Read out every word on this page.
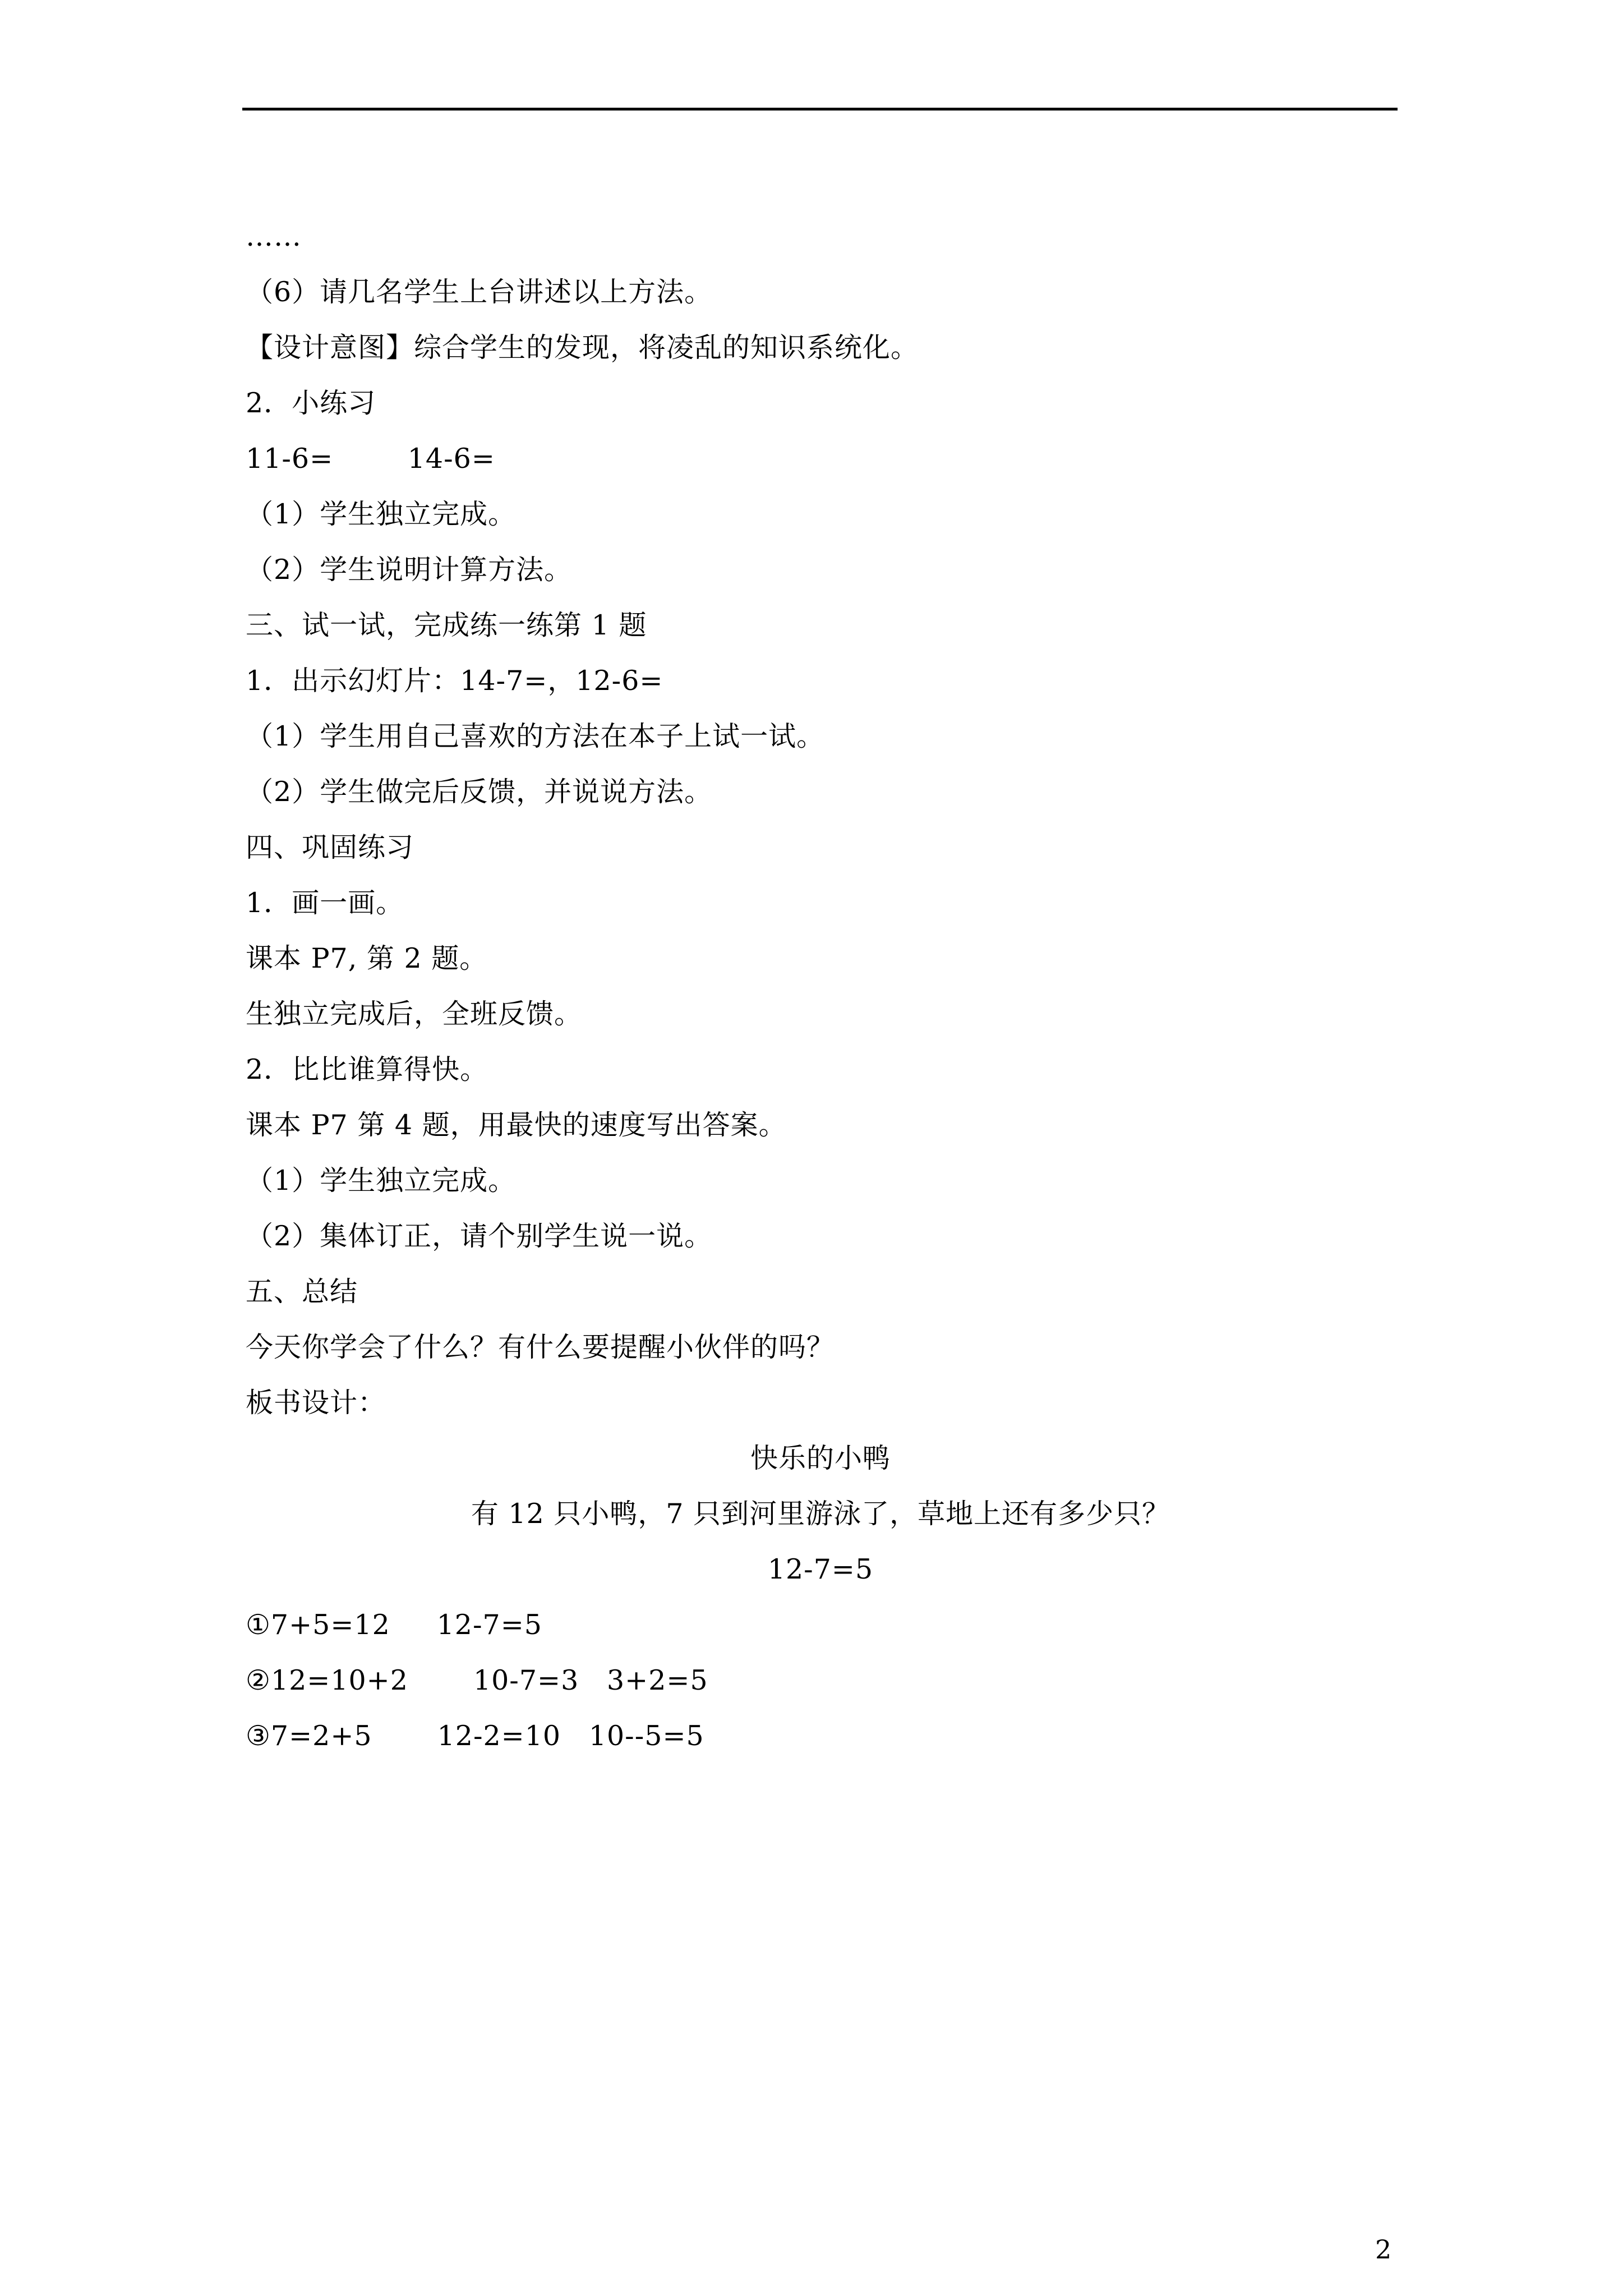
……
（6）请几名学生上台讲述以上方法。
【设计意图】综合学生的发现，将凌乱的知识系统化。
2．小练习
11-6=        14-6=
（1）学生独立完成。
（2）学生说明计算方法。
三、试一试，完成练一练第 1 题
1．出示幻灯片：14-7=，12-6=
（1）学生用自己喜欢的方法在本子上试一试。
（2）学生做完后反馈，并说说方法。
四、巩固练习
1．画一画。
课本 P7, 第 2 题。
生独立完成后，全班反馈。
2．比比谁算得快。
课本 P7 第 4 题，用最快的速度写出答案。
（1）学生独立完成。
（2）集体订正，请个别学生说一说。
五、总结
今天你学会了什么？有什么要提醒小伙伴的吗？
板书设计：
快乐的小鸭
有 12 只小鸭，7 只到河里游泳了，草地上还有多少只？
12-7=5
①7+5=12     12-7=5
②12=10+2       10-7=3   3+2=5
③7=2+5       12-2=10   10--5=5
2
